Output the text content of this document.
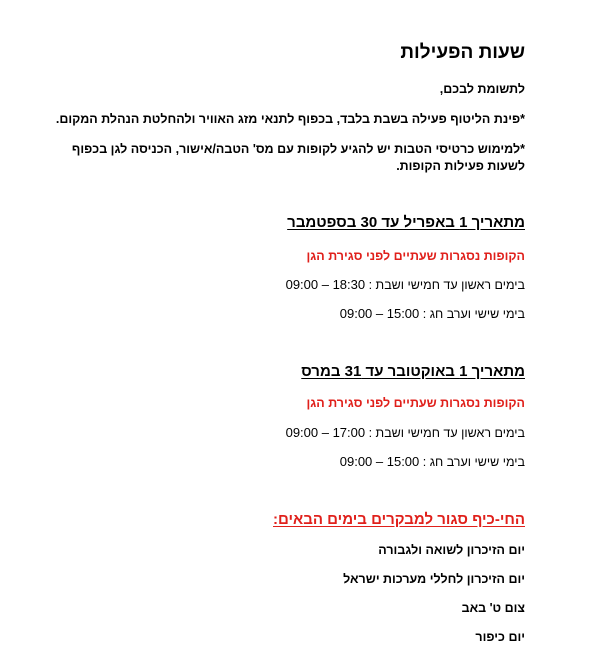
שעות הפעילות
לתשומת לבכם,
*פינת הליטוף פעילה בשבת בלבד, בכפוף לתנאי מזג האוויר ולהחלטת הנהלת המקום.
*למימוש כרטיסי הטבות יש להגיע לקופות עם מס' הטבה/אישור, הכניסה לגן בכפוף
לשעות פעילות הקופות.
מתאריך 1 באפריל עד 30 בספטמבר
הקופות נסגרות שעתיים לפני סגירת הגן
בימים ראשון עד חמישי ושבת : 09:00 – 18:30
בימי שישי וערב חג : 09:00 – 15:00
מתאריך 1 באוקטובר עד 31 במרס
הקופות נסגרות שעתיים לפני סגירת הגן
בימים ראשון עד חמישי ושבת : 09:00 – 17:00
בימי שישי וערב חג : 09:00 – 15:00
החי-כיף סגור למבקרים בימים הבאים:
יום הזיכרון לשואה ולגבורה
יום הזיכרון לחללי מערכות ישראל
צום ט' באב
יום כיפור
